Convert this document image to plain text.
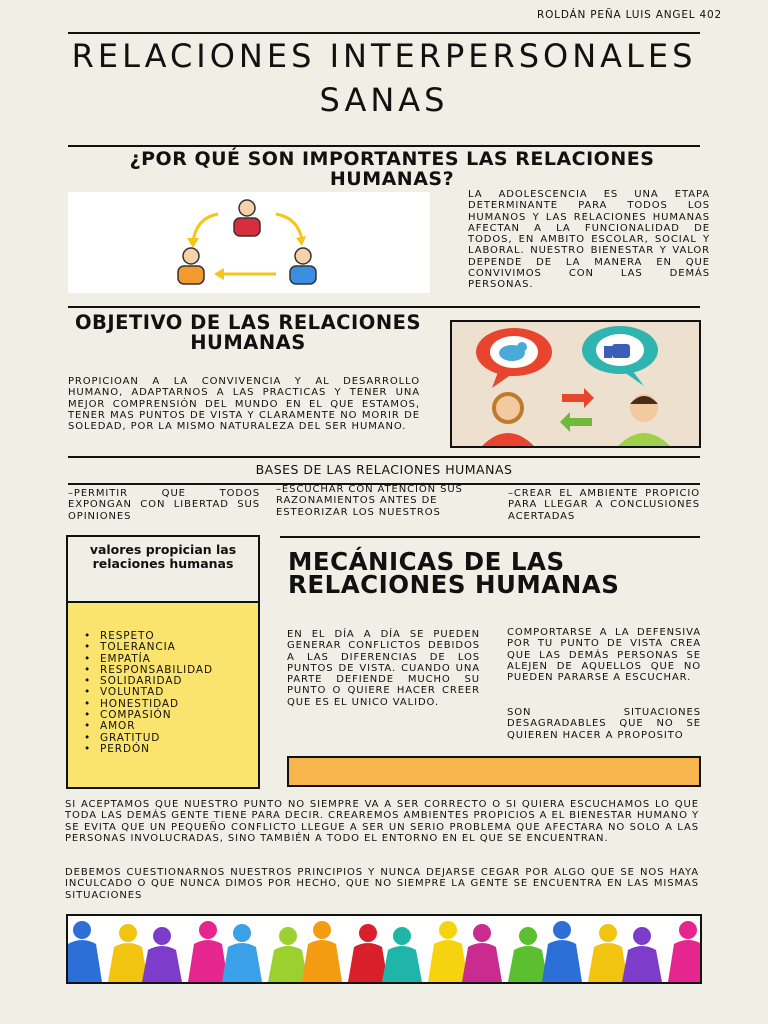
ROLDÁN PEÑA LUIS ANGEL 402
RELACIONES INTERPERSONALES SANAS
¿POR QUÉ SON IMPORTANTES LAS RELACIONES HUMANAS?
LA ADOLESCENCIA ES UNA ETAPA DETERMINANTE PARA TODOS LOS HUMANOS Y LAS RELACIONES HUMANAS AFECTAN A LA FUNCIONALIDAD DE TODOS, EN AMBITO ESCOLAR, SOCIAL Y LABORAL. NUESTRO BIENESTAR Y VALOR DEPENDE DE LA MANERA EN QUE CONVIVIMOS CON LAS DEMÁS PERSONAS.
OBJETIVO DE LAS RELACIONES HUMANAS
PROPICIOAN A LA CONVIVENCIA Y AL DESARROLLO HUMANO, ADAPTARNOS A LAS PRACTICAS Y TENER UNA MEJOR COMPRENSIÓN DEL MUNDO EN EL QUE ESTAMOS, TENER MAS PUNTOS DE VISTA Y CLARAMENTE NO MORIR DE SOLEDAD, POR LA MISMO NATURALEZA DEL SER HUMANO.
BASES DE LAS RELACIONES HUMANAS
–PERMITIR QUE TODOS EXPONGAN CON LIBERTAD SUS OPINIONES
–ESCUCHAR CON ATENCIÓN SUS RAZONAMIENTOS ANTES DE ESTEORIZAR LOS NUESTROS
–CREAR EL AMBIENTE PROPICIO PARA LLEGAR A CONCLUSIONES ACERTADAS
valores propician las relaciones humanas
• RESPETO
• TOLERANCIA
• EMPATÍA
• RESPONSABILIDAD
• SOLIDARIDAD
• VOLUNTAD
• HONESTIDAD
• COMPASIÓN
• AMOR
• GRATITUD
• PERDÓN
MECÁNICAS DE LAS RELACIONES HUMANAS
EN EL DÍA A DÍA SE PUEDEN GENERAR CONFLICTOS DEBIDOS A LAS DIFERENCIAS DE LOS PUNTOS DE VISTA. CUANDO UNA PARTE DEFIENDE MUCHO SU PUNTO O QUIERE HACER CREER QUE ES EL UNICO VALIDO.
COMPORTARSE A LA DEFENSIVA POR TU PUNTO DE VISTA CREA QUE LAS DEMÁS PERSONAS SE ALEJEN DE AQUELLOS QUE NO PUEDEN PARARSE A ESCUCHAR.
SON SITUACIONES DESAGRADABLES QUE NO SE QUIEREN HACER A PROPOSITO
SI ACEPTAMOS QUE NUESTRO PUNTO NO SIEMPRE VA A SER CORRECTO O SI QUIERA ESCUCHAMOS LO QUE TODA LAS DEMÁS GENTE TIENE PARA DECIR. CREAREMOS AMBIENTES PROPICIOS A EL BIENESTAR HUMANO Y SE EVITA QUE UN PEQUEÑO CONFLICTO LLEGUE A SER UN SERIO PROBLEMA QUE AFECTARA NO SOLO A LAS PERSONAS INVOLUCRADAS, SINO TAMBIÉN A TODO EL ENTORNO EN EL QUE SE ENCUENTRAN.
DEBEMOS CUESTIONARNOS NUESTROS PRINCIPIOS Y NUNCA DEJARSE CEGAR POR ALGO QUE SE NOS HAYA INCULCADO O QUE NUNCA DIMOS POR HECHO, QUE NO SIEMPRE LA GENTE SE ENCUENTRA EN LAS MISMAS SITUACIONES
